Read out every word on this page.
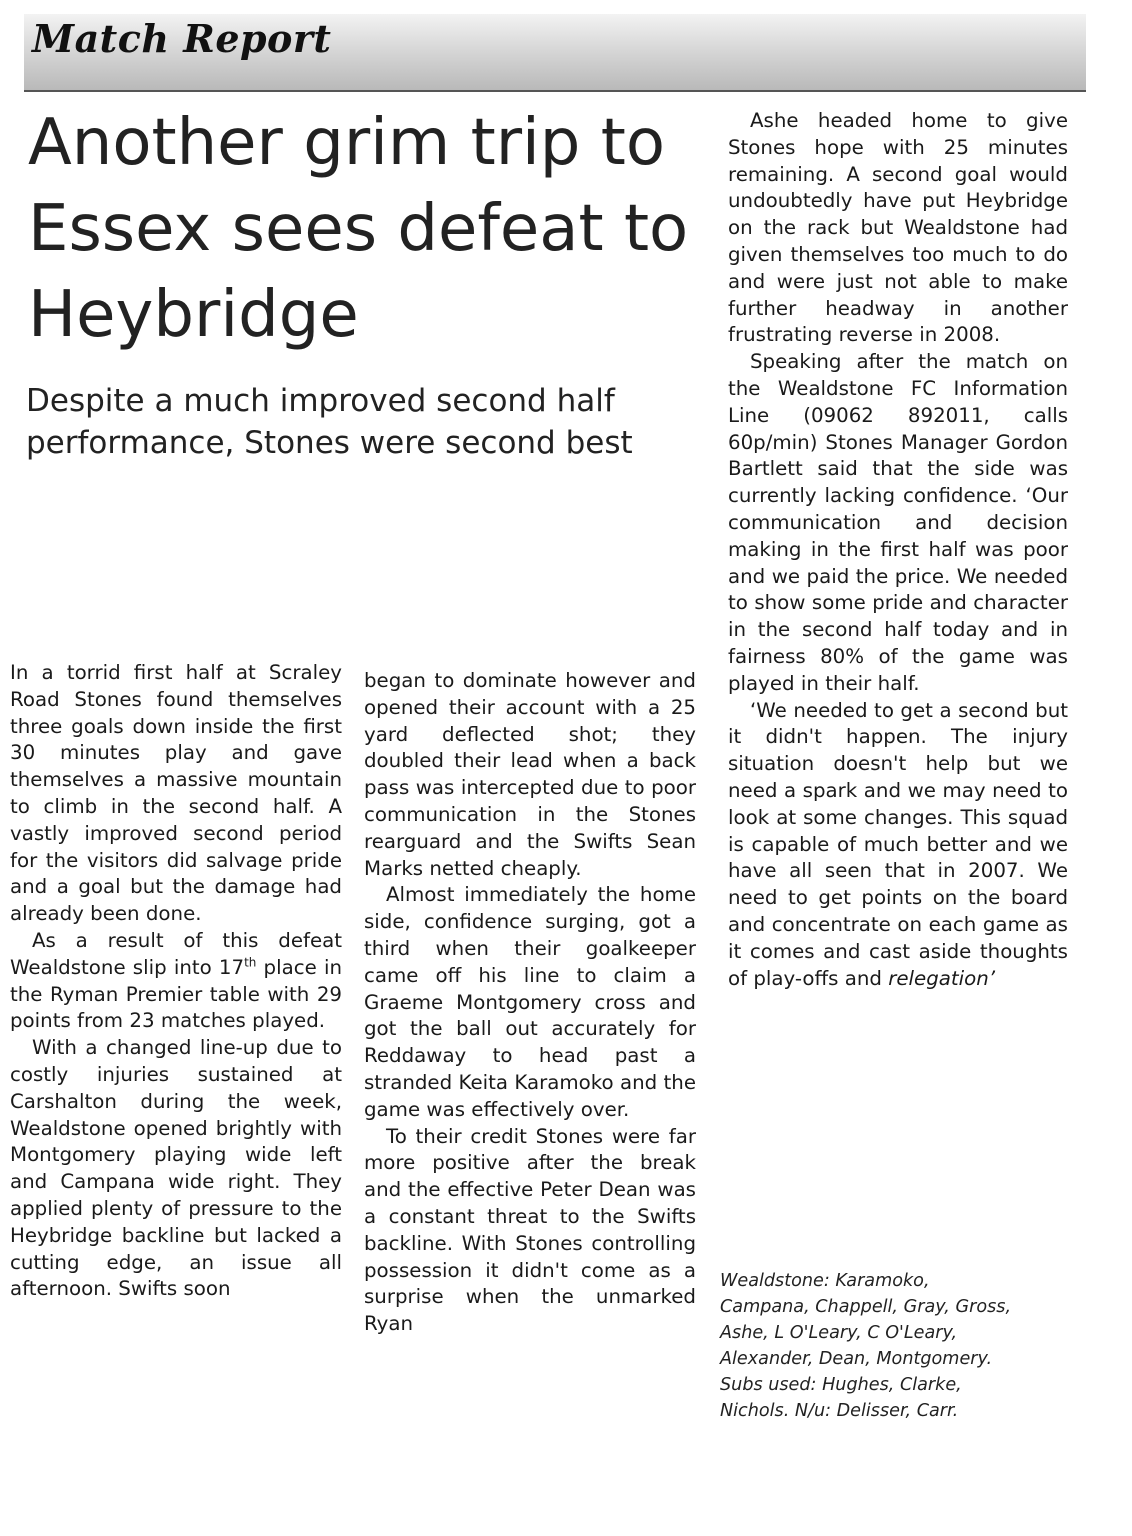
Match Report
Another grim trip to Essex sees defeat to Heybridge

Despite a much improved second half performance, Stones were second best

In a torrid first half at Scraley Road Stones found themselves three goals down inside the first 30 minutes play and gave themselves a massive mountain to climb in the second half. A vastly improved second period for the visitors did salvage pride and a goal but the damage had already been done.

As a result of this defeat Wealdstone slip into 17th place in the Ryman Premier table with 29 points from 23 matches played.

With a changed line-up due to costly injuries sustained at Carshalton during the week, Wealdstone opened brightly with Montgomery playing wide left and Campana wide right. They applied plenty of pressure to the Heybridge backline but lacked a cutting edge, an issue all afternoon. Swifts soon

began to dominate however and opened their account with a 25 yard deflected shot; they doubled their lead when a back pass was intercepted due to poor communication in the Stones rearguard and the Swifts Sean Marks netted cheaply.

Almost immediately the home side, confidence surging, got a third when their goalkeeper came off his line to claim a Graeme Montgomery cross and got the ball out accurately for Reddaway to head past a stranded Keita Karamoko and the game was effectively over.

To their credit Stones were far more positive after the break and the effective Peter Dean was a constant threat to the Swifts backline. With Stones controlling possession it didn't come as a surprise when the unmarked Ryan

Ashe headed home to give Stones hope with 25 minutes remaining. A second goal would undoubtedly have put Heybridge on the rack but Wealdstone had given themselves too much to do and were just not able to make further headway in another frustrating reverse in 2008.

Speaking after the match on the Wealdstone FC Information Line (09062 892011, calls 60p/min) Stones Manager Gordon Bartlett said that the side was currently lacking confidence. ‘Our communication and decision making in the first half was poor and we paid the price. We needed to show some pride and character in the second half today and in fairness 80% of the game was played in their half.

‘We needed to get a second but it didn't happen. The injury situation doesn't help but we need a spark and we may need to look at some changes. This squad is capable of much better and we have all seen that in 2007. We need to get points on the board and concentrate on each game as it comes and cast aside thoughts of play-offs and relegation’

Wealdstone: Karamoko, Campana, Chappell, Gray, Gross, Ashe, L O'Leary, C O'Leary, Alexander, Dean, Montgomery. Subs used: Hughes, Clarke, Nichols. N/u: Delisser, Carr.
